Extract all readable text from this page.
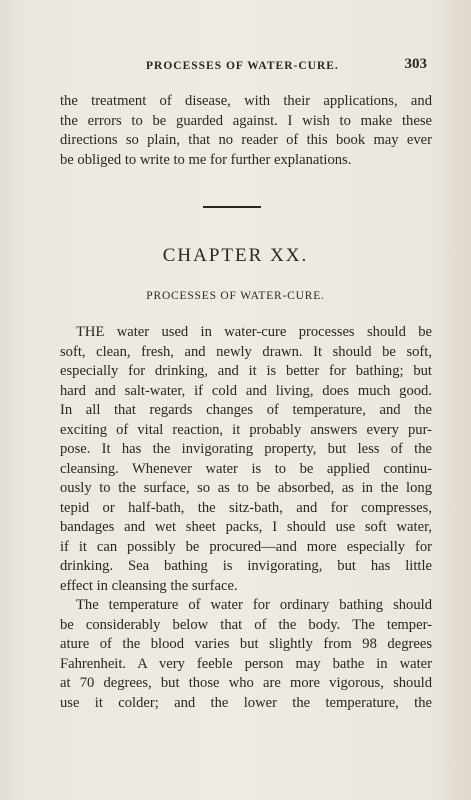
PROCESSES OF WATER-CURE.	303
the treatment of disease, with their applications, and
the errors to be guarded against. I wish to make these
directions so plain, that no reader of this book may ever
be obliged to write to me for further explanations.
CHAPTER XX.
PROCESSES OF WATER-CURE.
THE water used in water-cure processes should be
soft, clean, fresh, and newly drawn. It should be soft,
especially for drinking, and it is better for bathing; but
hard and salt-water, if cold and living, does much good.
In all that regards changes of temperature, and the
exciting of vital reaction, it probably answers every pur-
pose. It has the invigorating property, but less of the
cleansing. Whenever water is to be applied continu-
ously to the surface, so as to be absorbed, as in the long
tepid or half-bath, the sitz-bath, and for compresses,
bandages and wet sheet packs, I should use soft water,
if it can possibly be procured—and more especially for
drinking. Sea bathing is invigorating, but has little
effect in cleansing the surface.
The temperature of water for ordinary bathing should
be considerably below that of the body. The temper-
ature of the blood varies but slightly from 98 degrees
Fahrenheit. A very feeble person may bathe in water
at 70 degrees, but those who are more vigorous, should
use it colder; and the lower the temperature, the
